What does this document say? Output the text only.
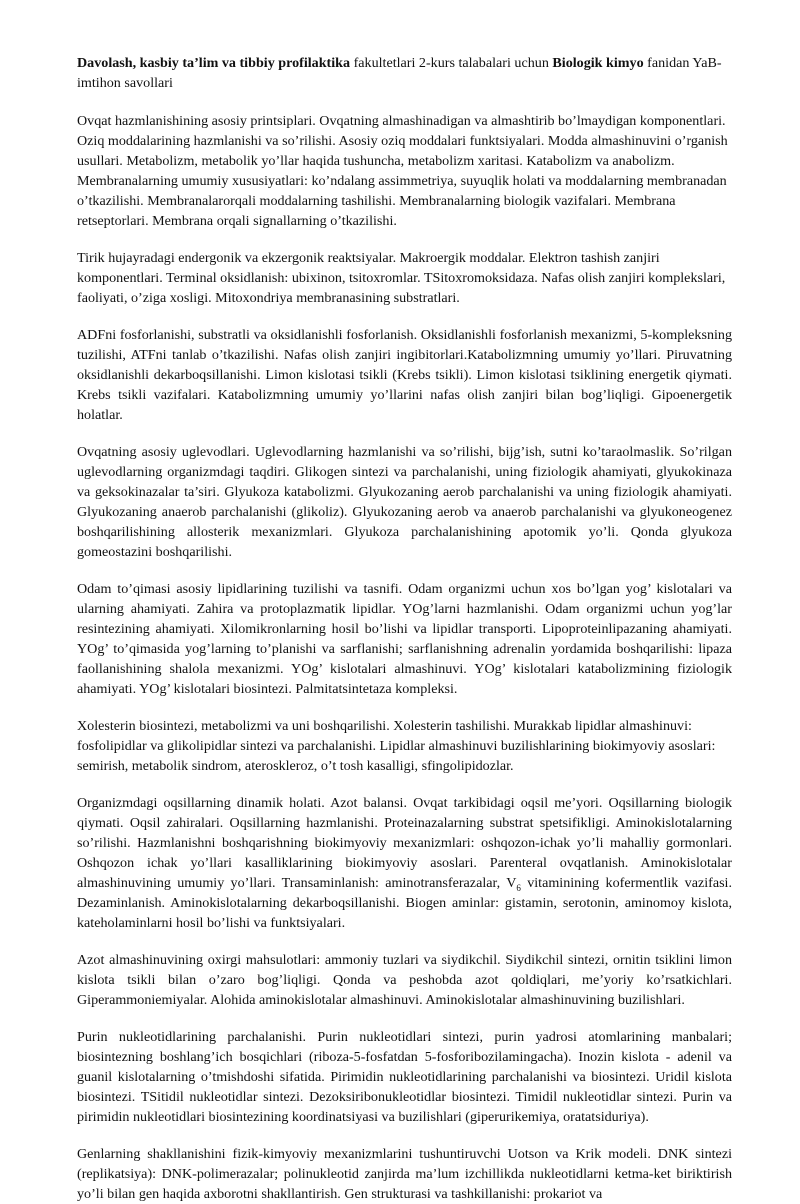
Davolash, kasbiy ta’lim va tibbiy profilaktika fakultetlari 2-kurs talabalari uchun Biologik kimyo fanidan YaB-imtihon savollari

Ovqat hazmlanishining asosiy printsiplari. Ovqatning almashinadigan va almashtirib bo’lmaydigan komponentlari. Oziq moddalarining hazmlanishi va so’rilishi. Asosiy oziq moddalari funktsiyalari. Modda almashinuvini o’rganish usullari. Metabolizm, metabolik yo’llar haqida tushuncha, metabolizm xaritasi. Katabolizm va anabolizm. Membranalarning umumiy xususiyatlari: ko’ndalang assimmetriya, suyuqlik holati va moddalarning membranadan o’tkazilishi. Membranalarorqali moddalarning tashilishi. Membranalarning biologik vazifalari. Membrana retseptorlari. Membrana orqali signallarning o’tkazilishi.

Tirik hujayradagi endergonik va ekzergonik reaktsiyalar. Makroergik moddalar. Elektron tashish zanjiri komponentlari. Terminal oksidlanish: ubixinon, tsitoxromlar. TSitoxromoksidaza. Nafas olish zanjiri komplekslari, faoliyati, o’ziga xosligi. Mitoxondriya membranasining substratlari.

ADFni fosforlanishi, substratli va oksidlanishli fosforlanish. Oksidlanishli fosforlanish mexanizmi, 5-kompleksning tuzilishi, ATFni tanlab o’tkazilishi. Nafas olish zanjiri ingibitorlari.Katabolizmning umumiy yo’llari. Piruvatning oksidlanishli dekarboqsillanishi. Limon kislotasi tsikli (Krebs tsikli). Limon kislotasi tsiklining energetik qiymati. Krebs tsikli vazifalari. Katabolizmning umumiy yo’llarini nafas olish zanjiri bilan bog’liqligi. Gipoenergetik holatlar.

Ovqatning asosiy uglevodlari. Uglevodlarning hazmlanishi va so’rilishi, bijg’ish, sutni ko’taraolmaslik. So’rilgan uglevodlarning organizmdagi taqdiri. Glikogen sintezi va parchalanishi, uning fiziologik ahamiyati, glyukokinaza va geksokinazalar ta’siri. Glyukoza katabolizmi. Glyukozaning aerob parchalanishi va uning fiziologik ahamiyati. Glyukozaning anaerob parchalanishi (glikoliz). Glyukozaning aerob va anaerob parchalanishi va glyukoneogenez boshqarilishining allosterik mexanizmlari. Glyukoza parchalanishining apotomik yo’li. Qonda glyukoza gomeostazini boshqarilishi.

Odam to’qimasi asosiy lipidlarining tuzilishi va tasnifi. Odam organizmi uchun xos bo’lgan yog’ kislotalari va ularning ahamiyati. Zahira va protoplazmatik lipidlar. YOg’larni hazmlanishi. Odam organizmi uchun yog’lar resintezining ahamiyati. Xilomikronlarning hosil bo’lishi va lipidlar transporti. Lipoproteinlipazaning ahamiyati. YOg’ to’qimasida yog’larning to’planishi va sarflanishi; sarflanishning adrenalin yordamida boshqarilishi: lipaza faollanishining shalola mexanizmi. YOg’ kislotalari almashinuvi. YOg’ kislotalari katabolizmining fiziologik ahamiyati. YOg’ kislotalari biosintezi. Palmitatsintetaza kompleksi.

Xolesterin biosintezi, metabolizmi va uni boshqarilishi. Xolesterin tashilishi. Murakkab lipidlar almashinuvi: fosfolipidlar va glikolipidlar sintezi va parchalanishi. Lipidlar almashinuvi buzilishlarining biokimyoviy asoslari: semirish, metabolik sindrom, ateroskleroz, o’t tosh kasalligi, sfingolipidozlar.

Organizmdagi oqsillarning dinamik holati. Azot balansi. Ovqat tarkibidagi oqsil me’yori. Oqsillarning biologik qiymati. Oqsil zahiralari. Oqsillarning hazmlanishi. Proteinazalarning substrat spetsifikligi. Aminokislotalarning so’rilishi. Hazmlanishni boshqarishning biokimyoviy mexanizmlari: oshqozon-ichak yo’li mahalliy gormonlari. Oshqozon ichak yo’llari kasalliklarining biokimyoviy asoslari. Parenteral ovqatlanish. Aminokislotalar almashinuvining umumiy yo’llari. Transaminlanish: aminotransferazalar, $V_6$ vitaminining kofermentlik vazifasi. Dezaminlanish. Aminokislotalarning dekarboqsillanishi. Biogen aminlar: gistamin, serotonin, aminomoy kislota, kateholaminlarni hosil bo’lishi va funktsiyalari.

Azot almashinuvining oxirgi mahsulotlari: ammoniy tuzlari va siydikchil. Siydikchil sintezi, ornitin tsiklini limon kislota tsikli bilan o’zaro bog’liqligi. Qonda va peshobda azot qoldiqlari, me’yoriy ko’rsatkichlari. Giperammoniemiyalar. Alohida aminokislotalar almashinuvi. Aminokislotalar almashinuvining buzilishlari.

Purin nukleotidlarining parchalanishi. Purin nukleotidlari sintezi, purin yadrosi atomlarining manbalari; biosintezning boshlang’ich bosqichlari (riboza-5-fosfatdan 5-fosforibozilamingacha). Inozin kislota - adenil va guanil kislotalarning o’tmishdoshi sifatida. Pirimidin nukleotidlarining parchalanishi va biosintezi. Uridil kislota biosintezi. TSitidil nukleotidlar sintezi. Dezoksiribonukleotidlar biosintezi. Timidil nukleotidlar sintezi. Purin va pirimidin nukleotidlari biosintezining koordinatsiyasi va buzilishlari (giperurikemiya, oratatsiduriya).

Genlarning shakllanishini fizik-kimyoviy mexanizmlarini tushuntiruvchi Uotson va Krik modeli. DNK sintezi (replikatsiya): DNK-polimerazalar; polinukleotid zanjirda ma’lum izchillikda nukleotidlarni ketma-ket biriktirish yo’li bilan gen haqida axborotni shakllantirish. Gen strukturasi va tashkillanishi: prokariot va
